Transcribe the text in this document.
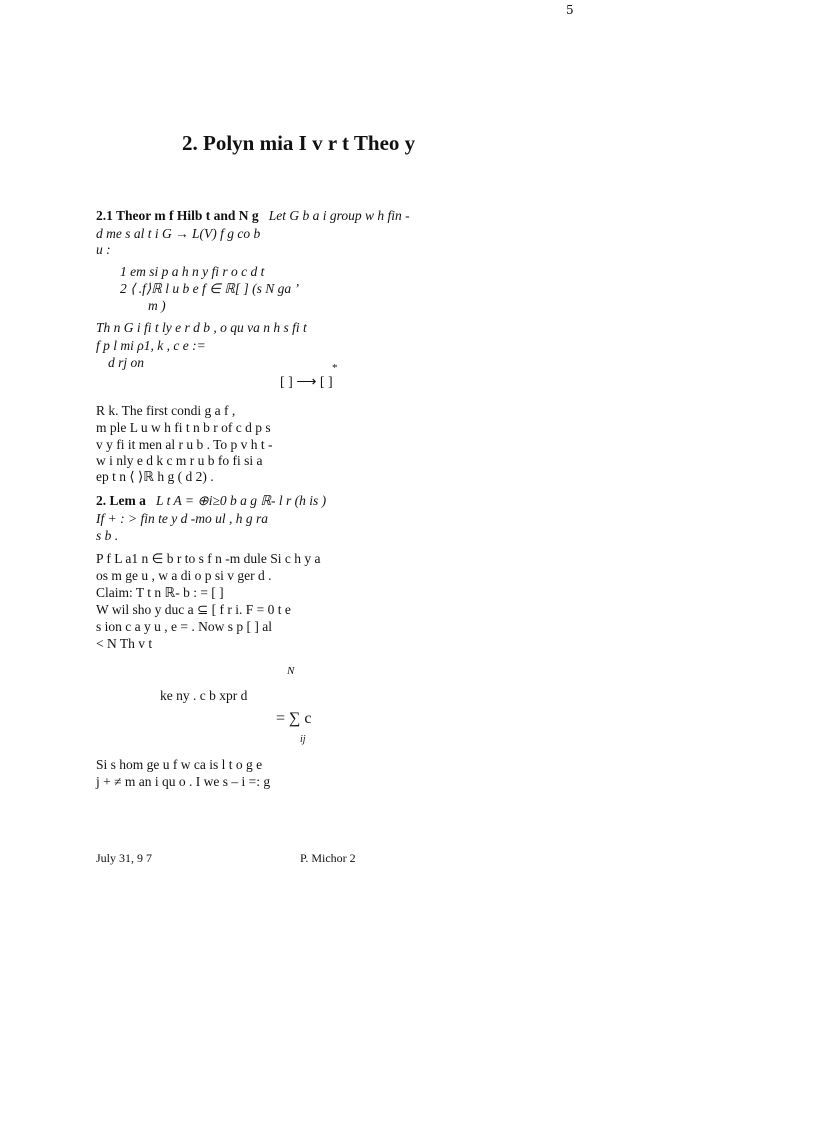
5
2. Polyn mia I v r t Theo y
2.1 Theor m f Hilb t and N g Let G b a i group w h fin -
d me s al t i G → L(V) f g co b
u :
1 em si p a h n y fi r o c d t
2 ⟨ .f⟩ℝ l u b e f ∈ ℝ[ ] (s N ga ’
m )
Th n G i fi t ly e r d b , o qu va n h s fi t
f p l mi ρ1, k , c e :=
d rj on	*
[ ] ⟶ [ ]
R k. The first condi g a f ,
m ple L u w h fi t n b r of c d p s
v y fi it men al r u b . To p v h t -
w i nly e d k c m r u b fo fi si a
ep t n ⟨ ⟩ℝ h g ( d 2) .
2. Lem a L t A = ⊕i≥0 b a g ℝ- l r (h is )
If + : > fin te y d -mo ul , h g ra
s b .
P f L a1 n ∈ b r to s f n -m dule Si c h y a
os m ge u , w a di o p si v ger d .
Claim: T t n ℝ- b : = [ ]
W wil sho y duc a ⊆ [ f r i. F = 0 t e
s ion c a y u , e = . Now s p [ ] al
< N Th v t
N
ke ny . c b xpr d
= ∑ c
ij
Si s hom ge u f w ca is l t o g e
j + ≠ m an i qu o . I we s – i =: g
July 31, 9 7	P. Michor 2
